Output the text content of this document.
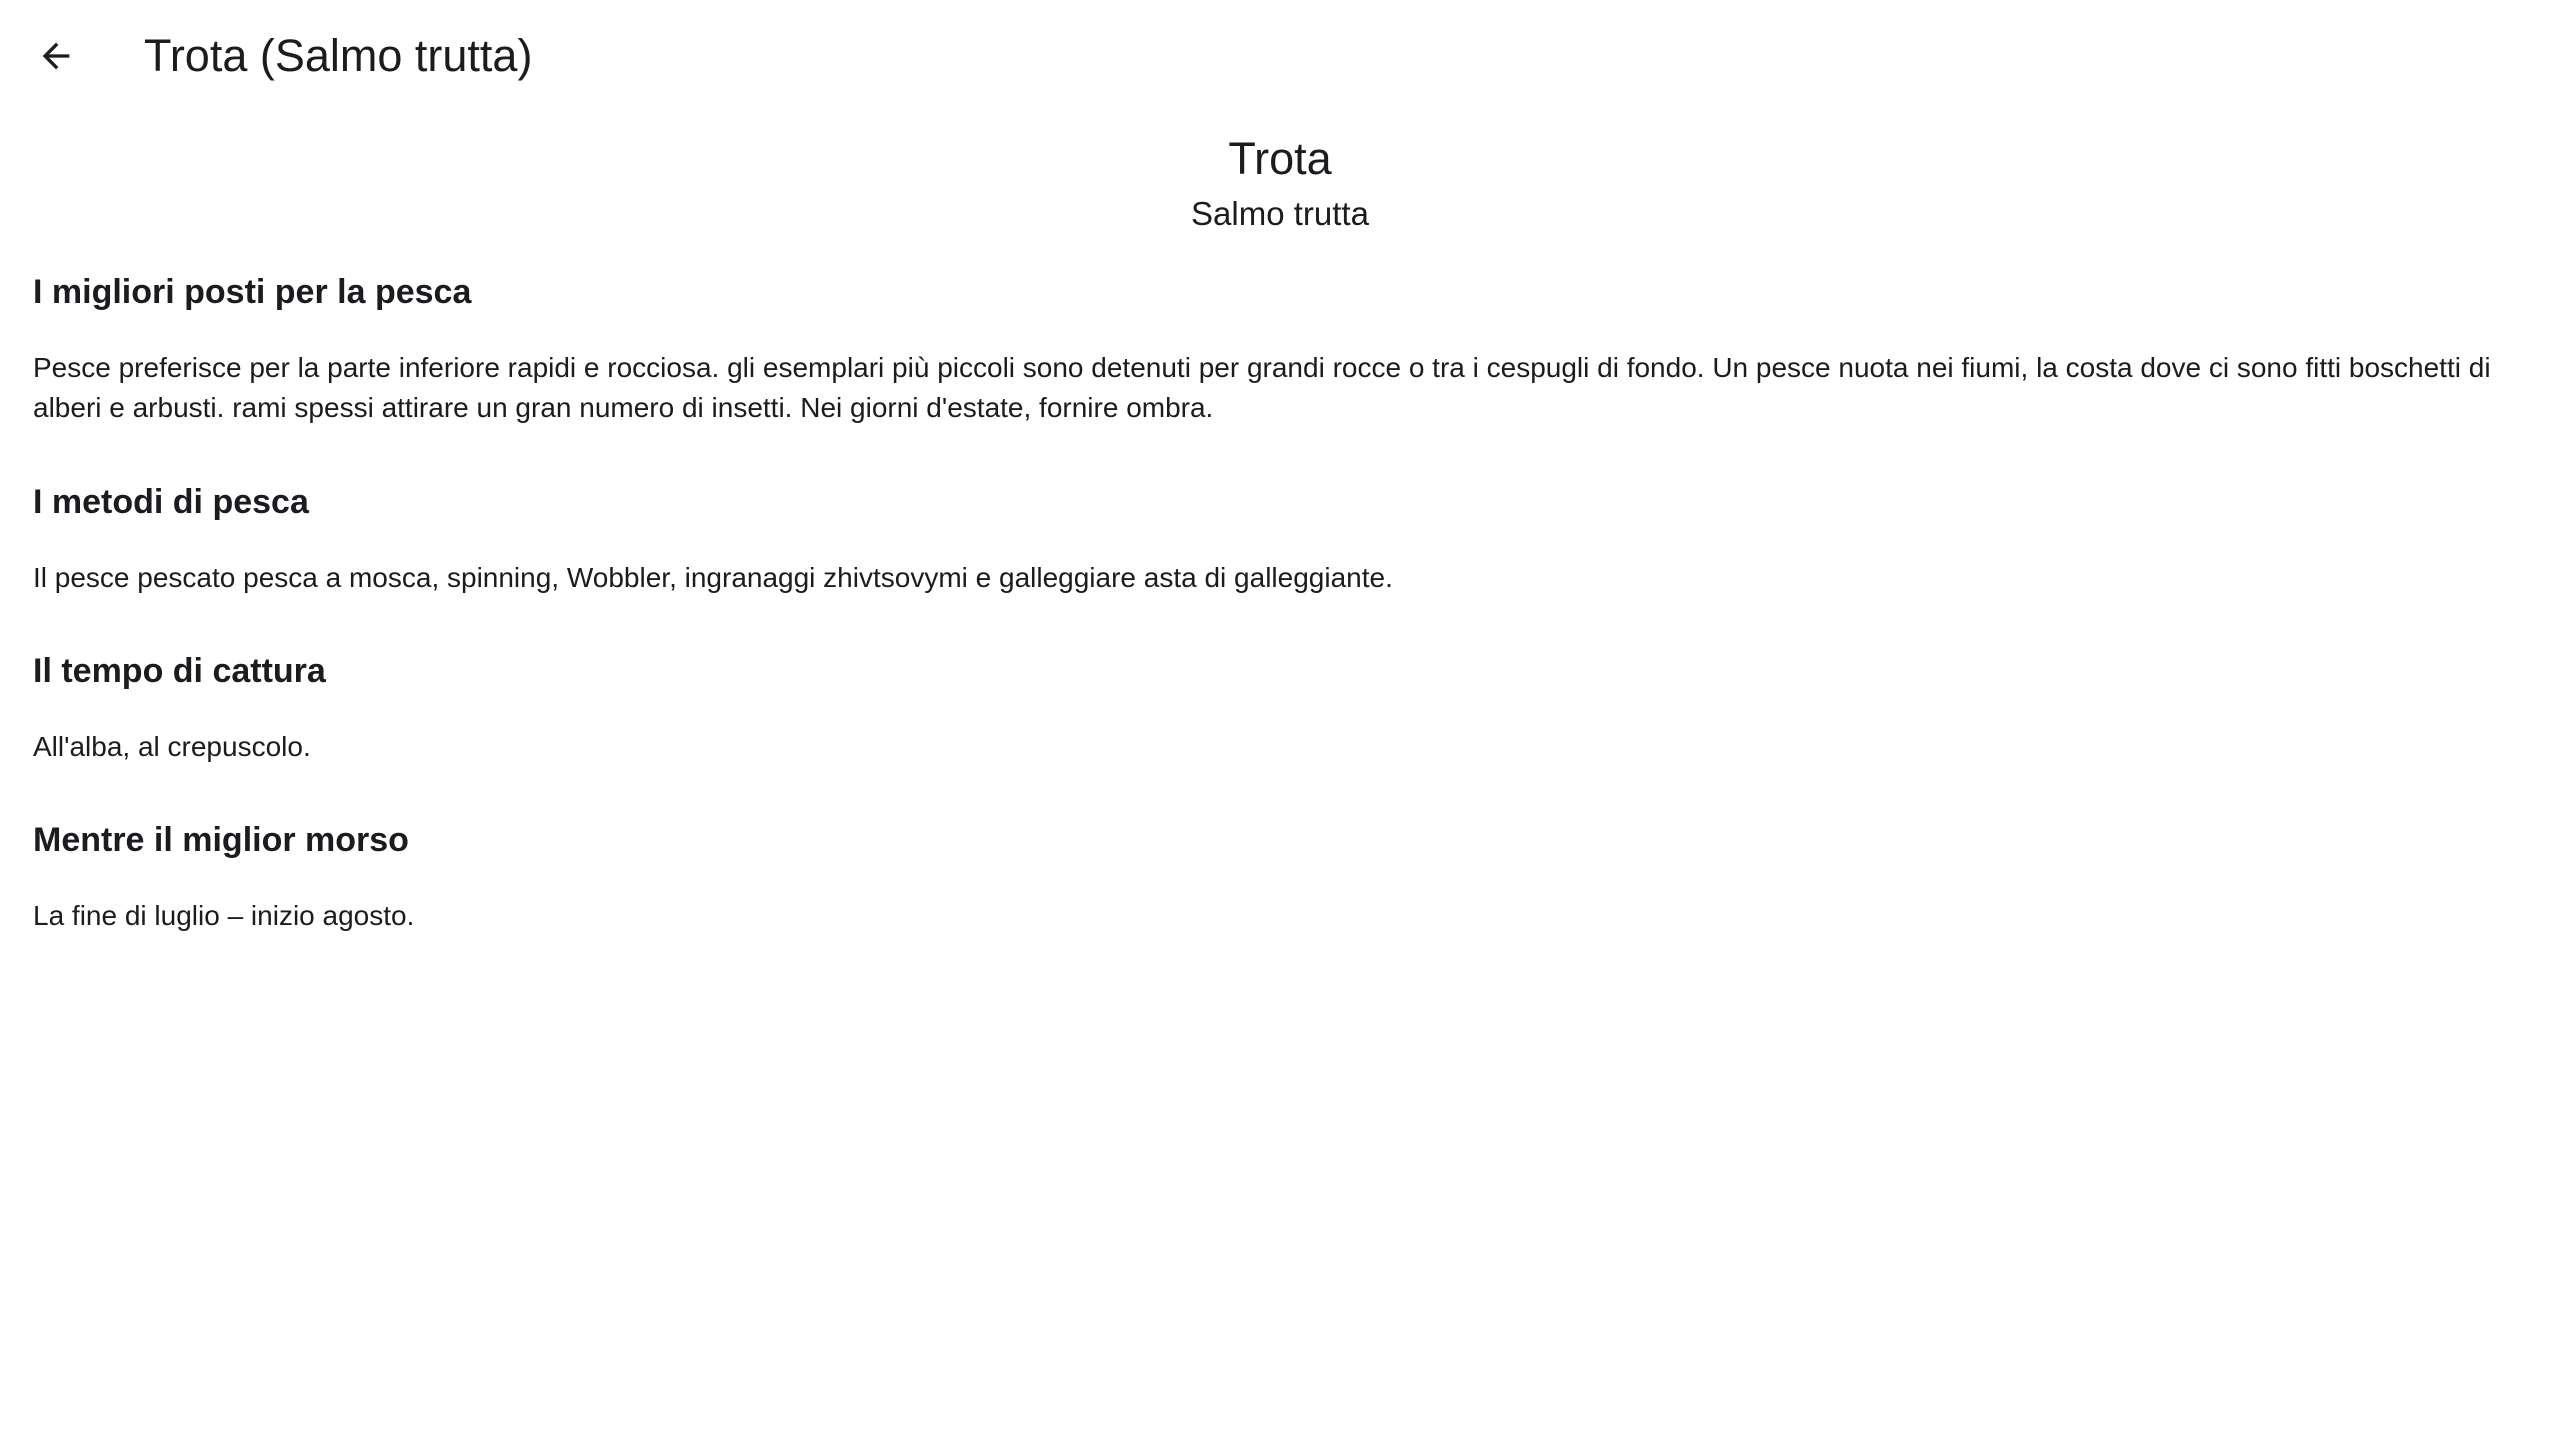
Trota (Salmo trutta)
Trota
Salmo trutta
I migliori posti per la pesca

Pesce preferisce per la parte inferiore rapidi e rocciosa. gli esemplari più piccoli sono detenuti per grandi rocce o tra i cespugli di fondo. Un pesce nuota nei fiumi, la costa dove ci sono fitti boschetti di alberi e arbusti. rami spessi attirare un gran numero di insetti. Nei giorni d'estate, fornire ombra.

I metodi di pesca

Il pesce pescato pesca a mosca, spinning, Wobbler, ingranaggi zhivtsovymi e galleggiare asta di galleggiante.

Il tempo di cattura

All'alba, al crepuscolo.

Mentre il miglior morso

La fine di luglio – inizio agosto.
